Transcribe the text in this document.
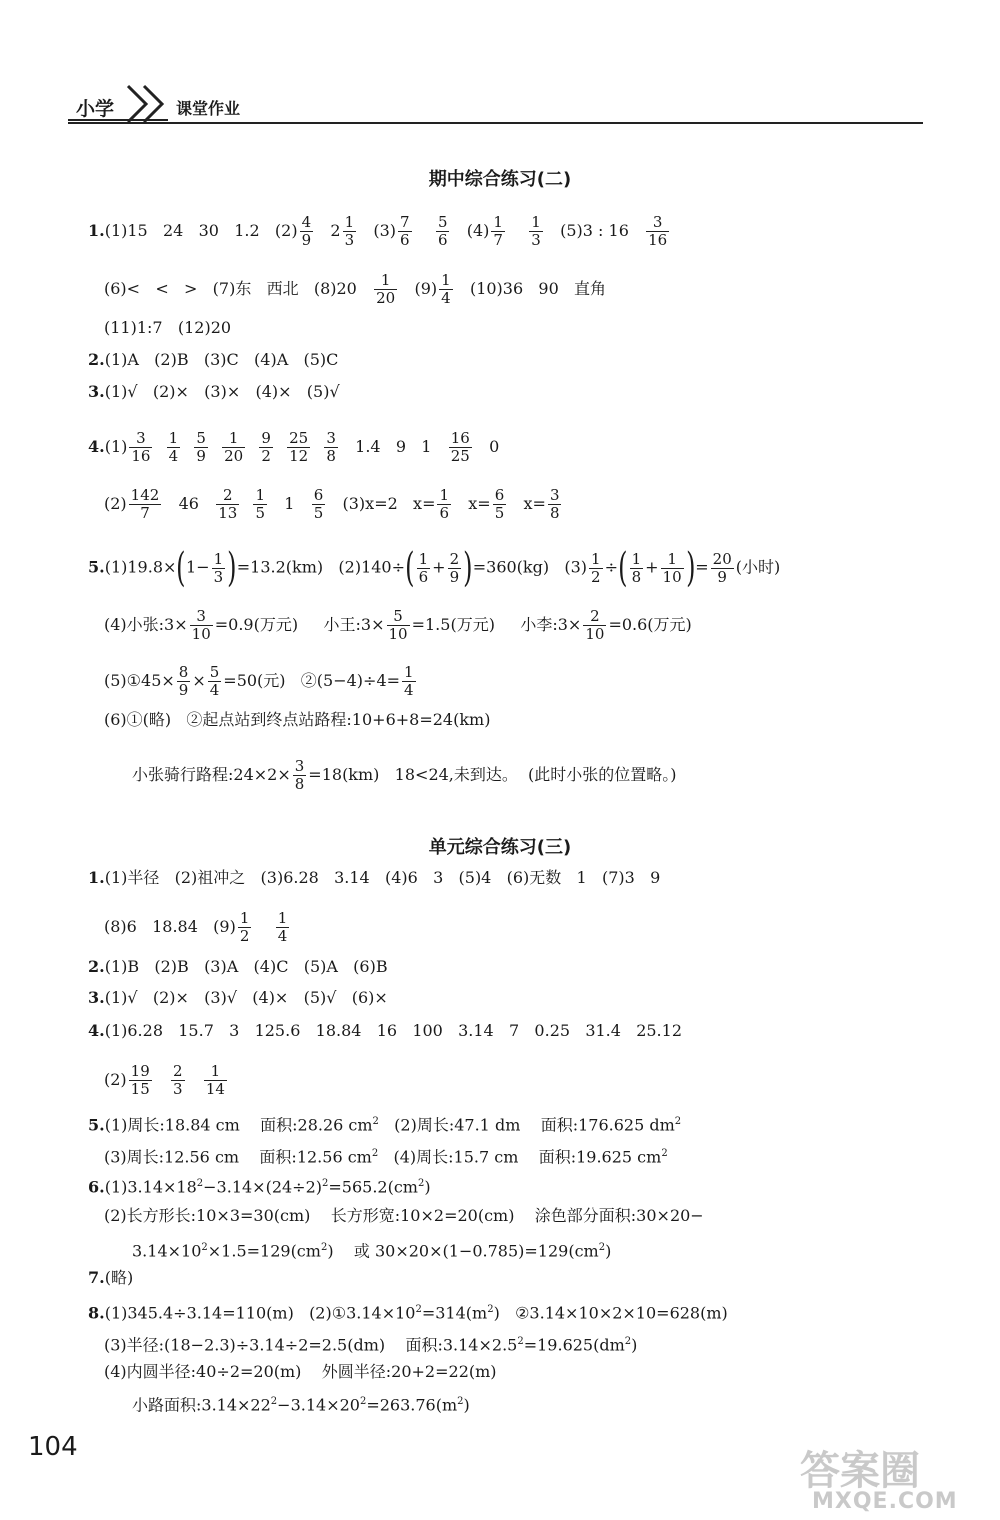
小学	课堂作业
期中综合练习(二)
1.(1)15   24   30   1.2   $(2) \frac{4}{9} 2 \frac{1}{3} (3) \frac{7}{6}$
$\frac{5}{6} (4) \frac{1}{7}$
$\frac{1}{3} (5)3$ : $16 \frac{3}{16}$
(6)<   <   >   (7)东   西北   $(8)20 \frac{1}{20} (9) \frac{1}{4} (10)36$   90   直角
(11)1:7   (12)20
2.(1)A   (2)B   (3)C   (4)A   (5)C
3.(1)√   (2)×   (3)×   (4)×   (5)√
$4.(1) \frac{3}{16}$
$\frac{1}{4}$
$\frac{5}{9}$
$\frac{1}{20}$
$\frac{9}{2}$
$\frac{25}{12}$
$\frac{3}{8} 1.4$   9   $1 \frac{16}{25} 0$
$(2) \frac{142}{7} 46 \frac{2}{13}$
$\frac{1}{5} 1 \frac{6}{5} (3)x=2$   $x= \frac{1}{6} x= \frac{6}{5} x= \frac{3}{8}$
$5.(1)19.8\times(1- \frac{1}{3} )=13.2(km)$   $(2)140\div( \frac{1}{6} + \frac{2}{9} )=360(kg)$   $(3) \frac{1}{2}$ ÷( $\frac{1}{8} + \frac{1}{10}$ )= $\frac{20}{9}$ (小时)
(4)小张:3× $\frac{3}{10} =0.9$(万元)     小王:3× $\frac{5}{10} =1.5$(万元)     小李:3× $\frac{2}{10} =0.6$(万元)
(5)①45× $\frac{8}{9} \times \frac{5}{4} =50$(元)   ②(5−4)÷4= $\frac{1}{4}$
(6)①(略)   ②起点站到终点站路程:10+6+8=24(km)
小张骑行路程:24×2× $\frac{3}{8} =18(km)$   18<24,未到达。  (此时小张的位置略。)
单元综合练习(三)
1.(1)半径   (2)祖冲之   (3)6.28   3.14   (4)6   3   (5)4   (6)无数   1   (7)3   9
(8)6   18.84   $(9) \frac{1}{2}$
$\frac{1}{4}$
2.(1)B   (2)B   (3)A   (4)C   (5)A   (6)B
3.(1)√   (2)×   (3)√   (4)×   (5)√   (6)×
4.(1)6.28   15.7   3   125.6   18.84   16   100   3.14   7   0.25   31.4   25.12
$(2) \frac{19}{15}$
$\frac{2}{3}$
$\frac{1}{14}$
5.(1)周长:18.84 cm    面积:28.26 $cm^2$   (2)周长:47.1 dm    面积:176.625 $dm^2$
(3)周长:12.56 cm    面积:12.56 $cm^2$   (4)周长:15.7 cm    面积:19.625 $cm^2$
$6.(1)3.14\times 18^2-3.14\times(24\div 2)^2=565.2(cm^2)$
(2)长方形长:10×3=30(cm)    长方形宽:10×2=20(cm)    涂色部分面积:30×20−
$3.14\times 10^2\times 1.5=129(cm^2)$    或 $30\times 20\times(1-0.785)=129(cm^2)$
7.(略)
8.(1)345.4÷3.14=110(m)   $(2)①3.14\times 10^2=314(m^2)$   ②3.14×10×2×10=628(m)
(3)半径:(18−2.3)÷3.14÷2=2.5(dm)    面积$:3.14\times 2.5^2=19.625(dm^2)$
(4)内圆半径:40÷2=20(m)    外圆半径:20+2=22(m)
小路面积$:3.14\times 22^2-3.14\times 20^2=263.76(m^2)$
104
答案圈
MXQE.COM
